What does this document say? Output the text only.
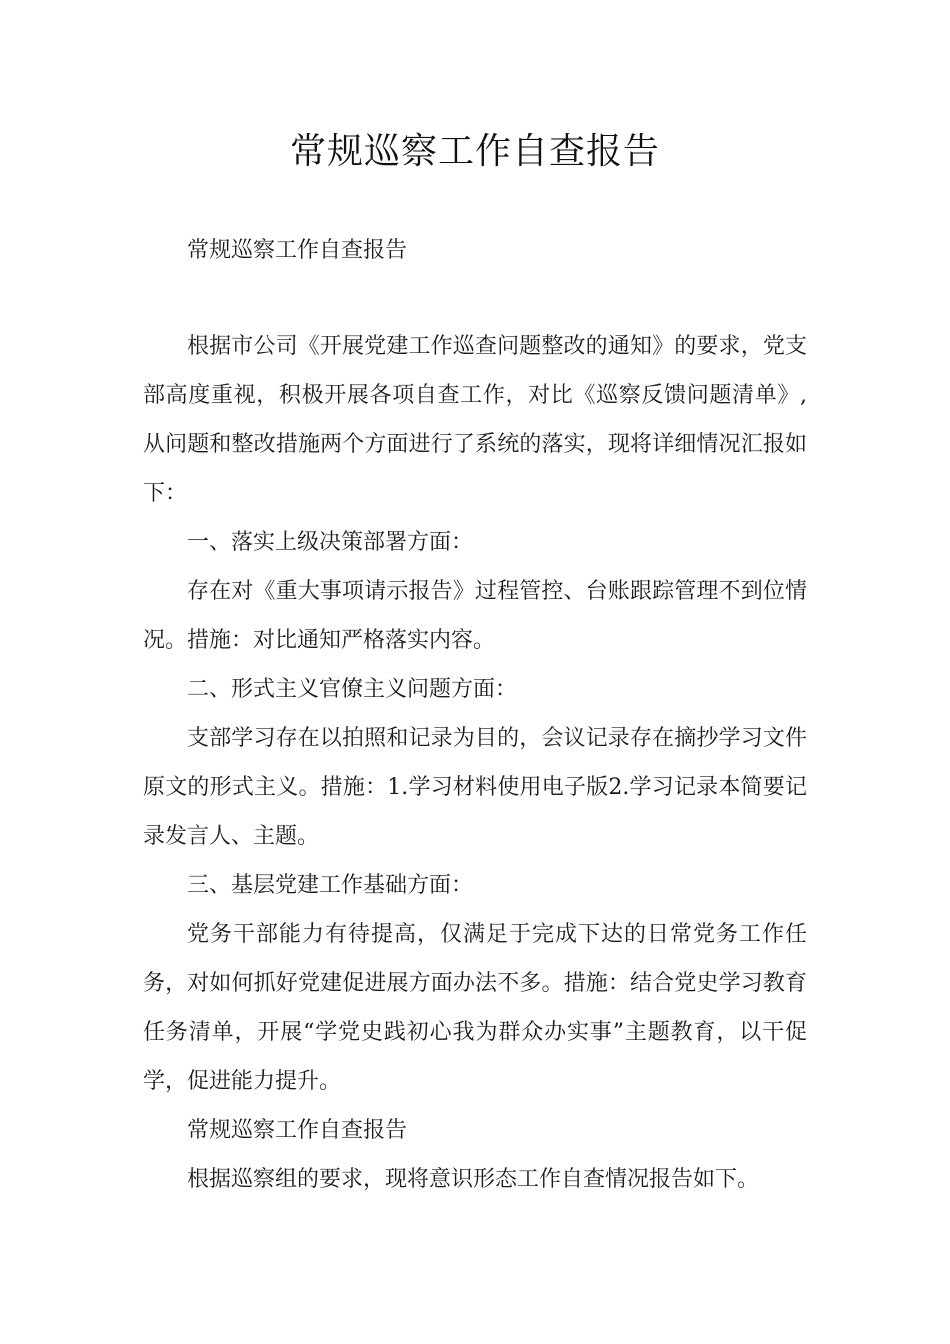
常规巡察工作自查报告

常规巡察工作自查报告

根据市公司《开展党建工作巡查问题整改的通知》的要求，党支部高度重视，积极开展各项自查工作，对比《巡察反馈问题清单》,从问题和整改措施两个方面进行了系统的落实，现将详细情况汇报如下：

一、落实上级决策部署方面：

存在对《重大事项请示报告》过程管控、台账跟踪管理不到位情况。措施：对比通知严格落实内容。

二、形式主义官僚主义问题方面：

支部学习存在以拍照和记录为目的，会议记录存在摘抄学习文件原文的形式主义。措施：1.学习材料使用电子版2.学习记录本简要记录发言人、主题。

三、基层党建工作基础方面：

党务干部能力有待提高，仅满足于完成下达的日常党务工作任务，对如何抓好党建促进展方面办法不多。措施：结合党史学习教育任务清单，开展“学党史践初心我为群众办实事”主题教育，以干促学，促进能力提升。

常规巡察工作自查报告

根据巡察组的要求，现将意识形态工作自查情况报告如下。
